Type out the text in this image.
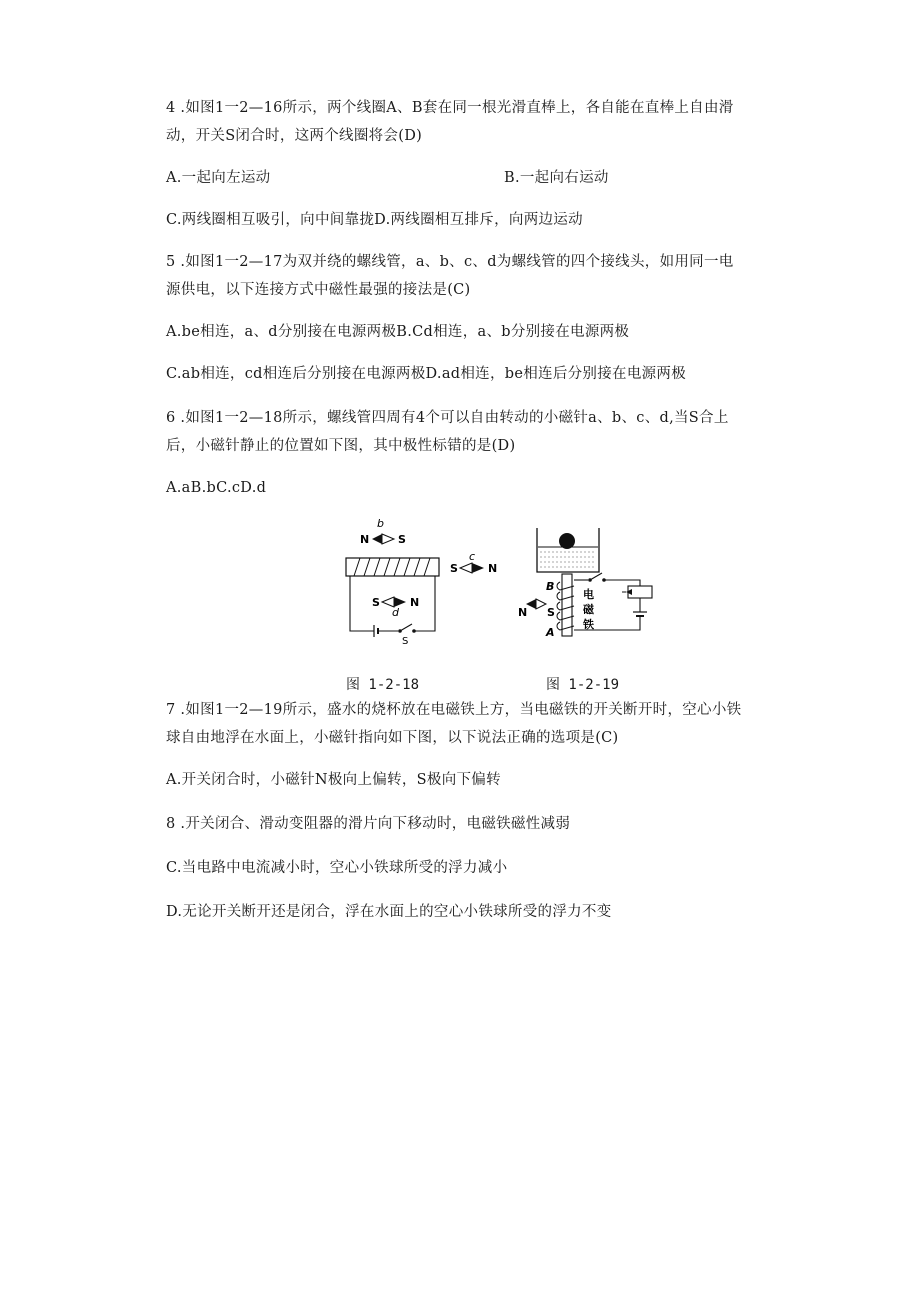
4 .如图1一2—16所示，两个线圈A、B套在同一根光滑直棒上，各自能在直棒上自由滑
动，开关S闭合时，这两个线圈将会(D)
A.一起向左运动	B.一起向右运动
C.两线圈相互吸引，向中间靠拢D.两线圈相互排斥，向两边运动
5 .如图1一2—17为双并绕的螺线管，a、b、c、d为螺线管的四个接线头，如用同一电
源供电，以下连接方式中磁性最强的接法是(C)
A.be相连，a、d分别接在电源两极B.Cd相连，a、b分别接在电源两极
C.ab相连，cd相连后分别接在电源两极D.ad相连，be相连后分别接在电源两极
6 .如图1一2—18所示，螺线管四周有4个可以自由转动的小磁针a、b、c、d,当S合上
后，小磁针静止的位置如下图，其中极性标错的是(D)
A.aB.bC.cD.d
b
N	S
S
S	N
d
c
S	N
B
A
电
磁
铁
N S
图 1-2-18	图 1-2-19
7 .如图1一2—19所示，盛水的烧杯放在电磁铁上方，当电磁铁的开关断开时，空心小铁
球自由地浮在水面上，小磁针指向如下图，以下说法正确的选项是(C)
A.开关闭合时，小磁针N极向上偏转，S极向下偏转
8 .开关闭合、滑动变阻器的滑片向下移动时，电磁铁磁性减弱
C.当电路中电流减小时，空心小铁球所受的浮力减小
D.无论开关断开还是闭合，浮在水面上的空心小铁球所受的浮力不变
